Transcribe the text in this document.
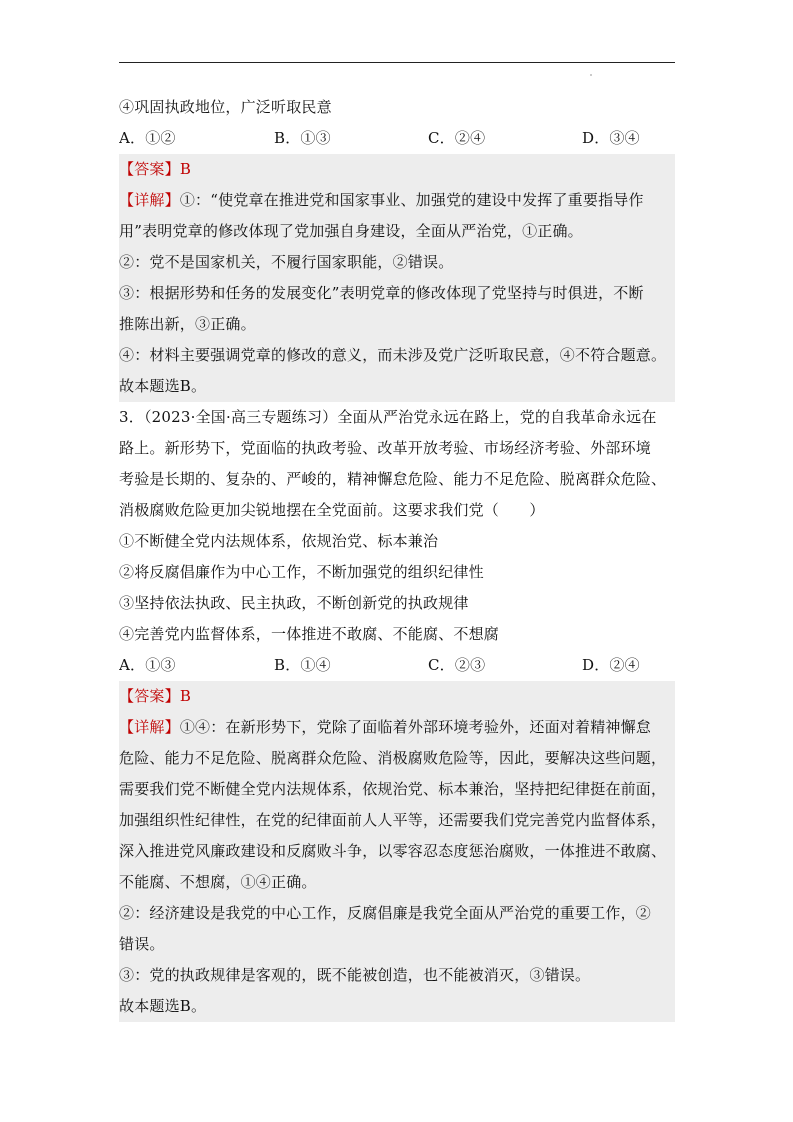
④巩固执政地位，广泛听取民意
A．①②	B．①③	C．②④	D．③④
【答案】B
【详解】①：“使党章在推进党和国家事业、加强党的建设中发挥了重要指导作
用”表明党章的修改体现了党加强自身建设，全面从严治党，①正确。
②：党不是国家机关，不履行国家职能，②错误。
③：根据形势和任务的发展变化”表明党章的修改体现了党坚持与时俱进，不断
推陈出新，③正确。
④：材料主要强调党章的修改的意义，而未涉及党广泛听取民意，④不符合题意。
故本题选B。
3．（2023·全国·高三专题练习）全面从严治党永远在路上，党的自我革命永远在
路上。新形势下，党面临的执政考验、改革开放考验、市场经济考验、外部环境
考验是长期的、复杂的、严峻的，精神懈怠危险、能力不足危险、脱离群众危险、
消极腐败危险更加尖锐地摆在全党面前。这要求我们党（　　）
①不断健全党内法规体系，依规治党、标本兼治
②将反腐倡廉作为中心工作，不断加强党的组织纪律性
③坚持依法执政、民主执政，不断创新党的执政规律
④完善党内监督体系，一体推进不敢腐、不能腐、不想腐
A．①③	B．①④	C．②③	D．②④
【答案】B
【详解】①④：在新形势下，党除了面临着外部环境考验外，还面对着精神懈怠
危险、能力不足危险、脱离群众危险、消极腐败危险等，因此，要解决这些问题，
需要我们党不断健全党内法规体系，依规治党、标本兼治，坚持把纪律挺在前面，
加强组织性纪律性，在党的纪律面前人人平等，还需要我们党完善党内监督体系，
深入推进党风廉政建设和反腐败斗争，以零容忍态度惩治腐败，一体推进不敢腐、
不能腐、不想腐，①④正确。
②：经济建设是我党的中心工作，反腐倡廉是我党全面从严治党的重要工作，②
错误。
③：党的执政规律是客观的，既不能被创造，也不能被消灭，③错误。
故本题选B。
